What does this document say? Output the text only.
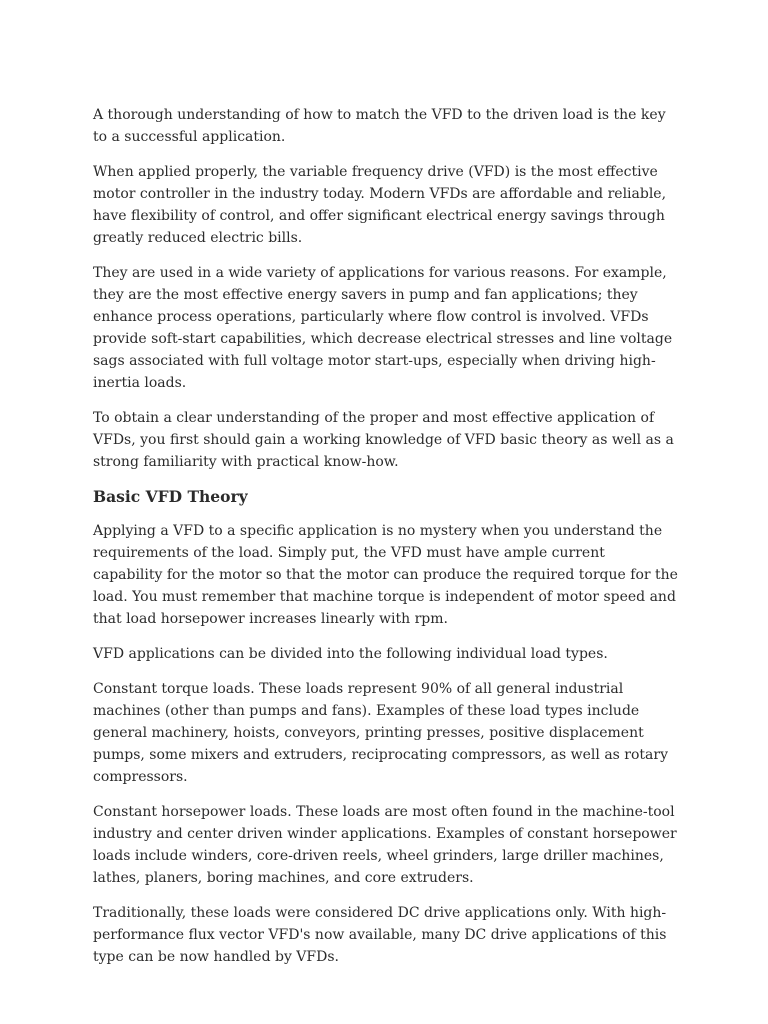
A thorough understanding of how to match the VFD to the driven load is the key to a successful application.

When applied properly, the variable frequency drive (VFD) is the most effective motor controller in the industry today. Modern VFDs are affordable and reliable, have flexibility of control, and offer significant electrical energy savings through greatly reduced electric bills.

They are used in a wide variety of applications for various reasons. For example, they are the most effective energy savers in pump and fan applications; they enhance process operations, particularly where flow control is involved. VFDs provide soft-start capabilities, which decrease electrical stresses and line voltage sags associated with full voltage motor start-ups, especially when driving high-inertia loads.

To obtain a clear understanding of the proper and most effective application of VFDs, you first should gain a working knowledge of VFD basic theory as well as a strong familiarity with practical know-how.

Basic VFD Theory

Applying a VFD to a specific application is no mystery when you understand the requirements of the load. Simply put, the VFD must have ample current capability for the motor so that the motor can produce the required torque for the load. You must remember that machine torque is independent of motor speed and that load horsepower increases linearly with rpm.

VFD applications can be divided into the following individual load types.

Constant torque loads. These loads represent 90% of all general industrial machines (other than pumps and fans). Examples of these load types include general machinery, hoists, conveyors, printing presses, positive displacement pumps, some mixers and extruders, reciprocating compressors, as well as rotary compressors.

Constant horsepower loads. These loads are most often found in the machine-tool industry and center driven winder applications. Examples of constant horsepower loads include winders, core-driven reels, wheel grinders, large driller machines, lathes, planers, boring machines, and core extruders.

Traditionally, these loads were considered DC drive applications only. With high-performance flux vector VFD's now available, many DC drive applications of this type can be now handled by VFDs.
